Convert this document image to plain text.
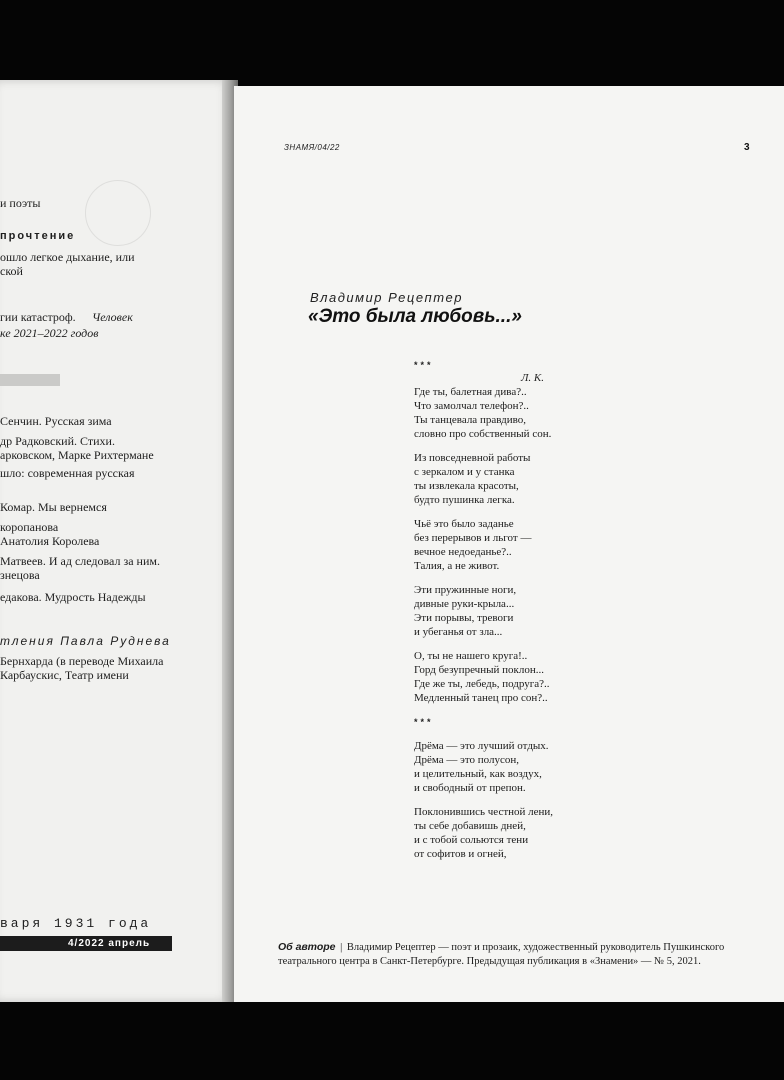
и поэты
прочтение
ошло легкое дыхание, или
ской
гии катастроф. Человек
ке 2021–2022 годов
Сенчин. Русская зима
др Радковский. Стихи.
арковском, Марке Рихтермане
шло: современная русская
Комар. Мы вернемся
коропанова
Анатолия Королева
Матвеев. И ад следовал за ним.
знецова
едакова. Мудрость Надежды
тления Павла Руднева
Бернхарда (в переводе Михаила
Карбаускис, Театр имени
варя 1931 года
4/2022 апрель
ЗНАМЯ/04/22	3
Владимир Рецептер
«Это была любовь...»
***
Л. К.
Где ты, балетная дива?..
Что замолчал телефон?..
Ты танцевала правдиво,
словно про собственный сон.
Из повседневной работы
с зеркалом и у станка
ты извлекала красоты,
будто пушинка легка.
Чьё это было заданье
без перерывов и льгот —
вечное недоеданье?..
Талия, а не живот.
Эти пружинные ноги,
дивные руки-крыла...
Эти порывы, тревоги
и убеганья от зла...
О, ты не нашего круга!..
Горд безупречный поклон...
Где же ты, лебедь, подруга?..
Медленный танец про сон?..
***
Дрёма — это лучший отдых.
Дрёма — это полусон,
и целительный, как воздух,
и свободный от препон.
Поклонившись честной лени,
ты себе добавишь дней,
и с тобой сольются тени
от софитов и огней,
Об авторе | Владимир Рецептер — поэт и прозаик, художественный руководитель Пушкинского театрального центра в Санкт-Петербурге. Предыдущая публикация в «Знамени» — № 5, 2021.
